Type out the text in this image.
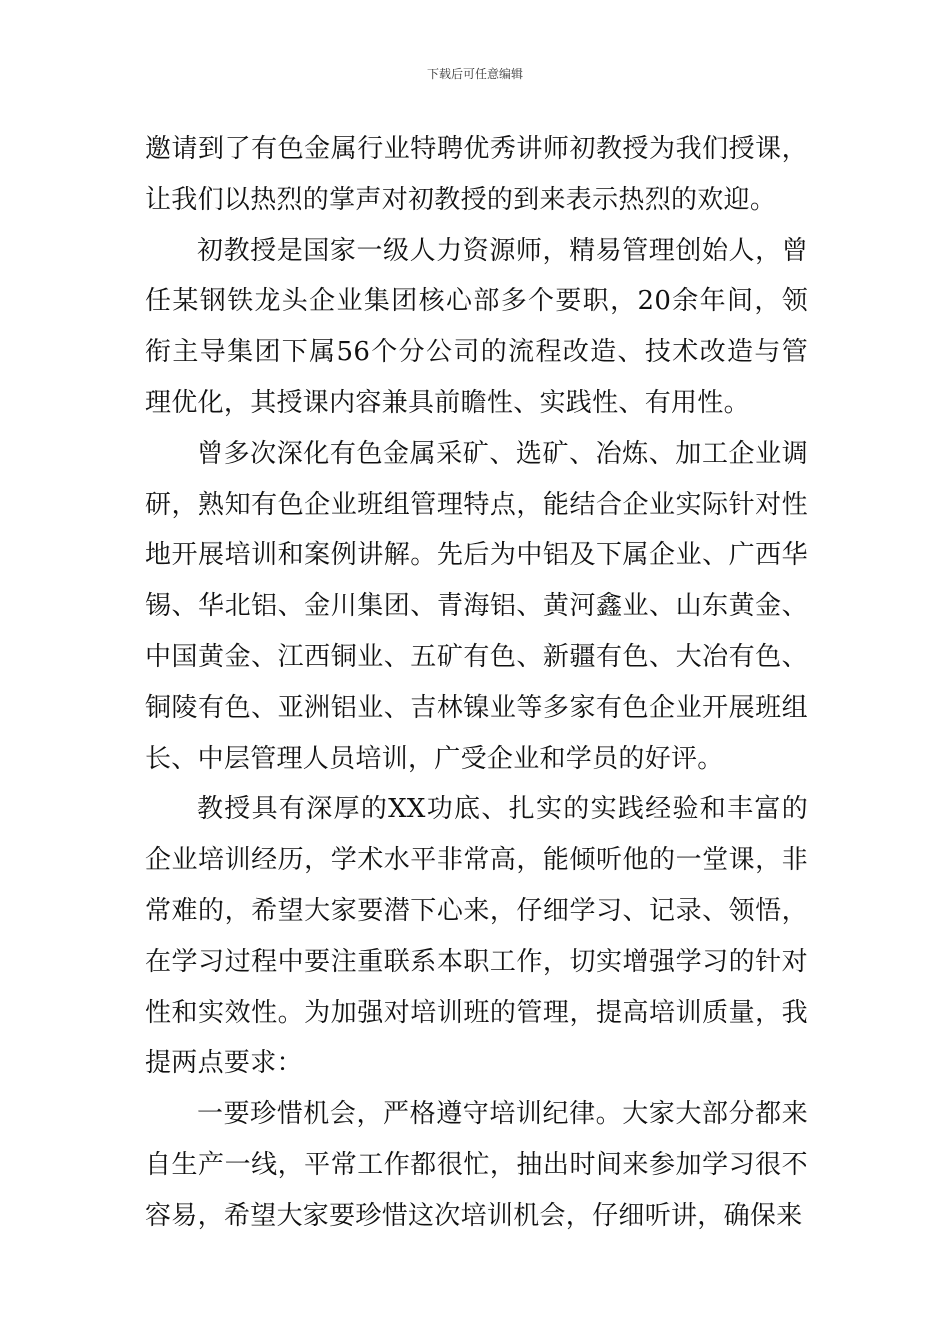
下载后可任意编辑

邀请到了有色金属行业特聘优秀讲师初教授为我们授课，让我们以热烈的掌声对初教授的到来表示热烈的欢迎。

初教授是国家一级人力资源师，精易管理创始人，曾任某钢铁龙头企业集团核心部多个要职，20余年间，领衔主导集团下属56个分公司的流程改造、技术改造与管理优化，其授课内容兼具前瞻性、实践性、有用性。

曾多次深化有色金属采矿、选矿、冶炼、加工企业调研，熟知有色企业班组管理特点，能结合企业实际针对性地开展培训和案例讲解。先后为中铝及下属企业、广西华锡、华北铝、金川集团、青海铝、黄河鑫业、山东黄金、中国黄金、江西铜业、五矿有色、新疆有色、大冶有色、铜陵有色、亚洲铝业、吉林镍业等多家有色企业开展班组长、中层管理人员培训，广受企业和学员的好评。

教授具有深厚的XX功底、扎实的实践经验和丰富的企业培训经历，学术水平非常高，能倾听他的一堂课，非常难的，希望大家要潜下心来，仔细学习、记录、领悟，在学习过程中要注重联系本职工作，切实增强学习的针对性和实效性。为加强对培训班的管理，提高培训质量，我提两点要求：

一要珍惜机会，严格遵守培训纪律。大家大部分都来自生产一线，平常工作都很忙，抽出时间来参加学习很不容易，希望大家要珍惜这次培训机会，仔细听讲，确保来
